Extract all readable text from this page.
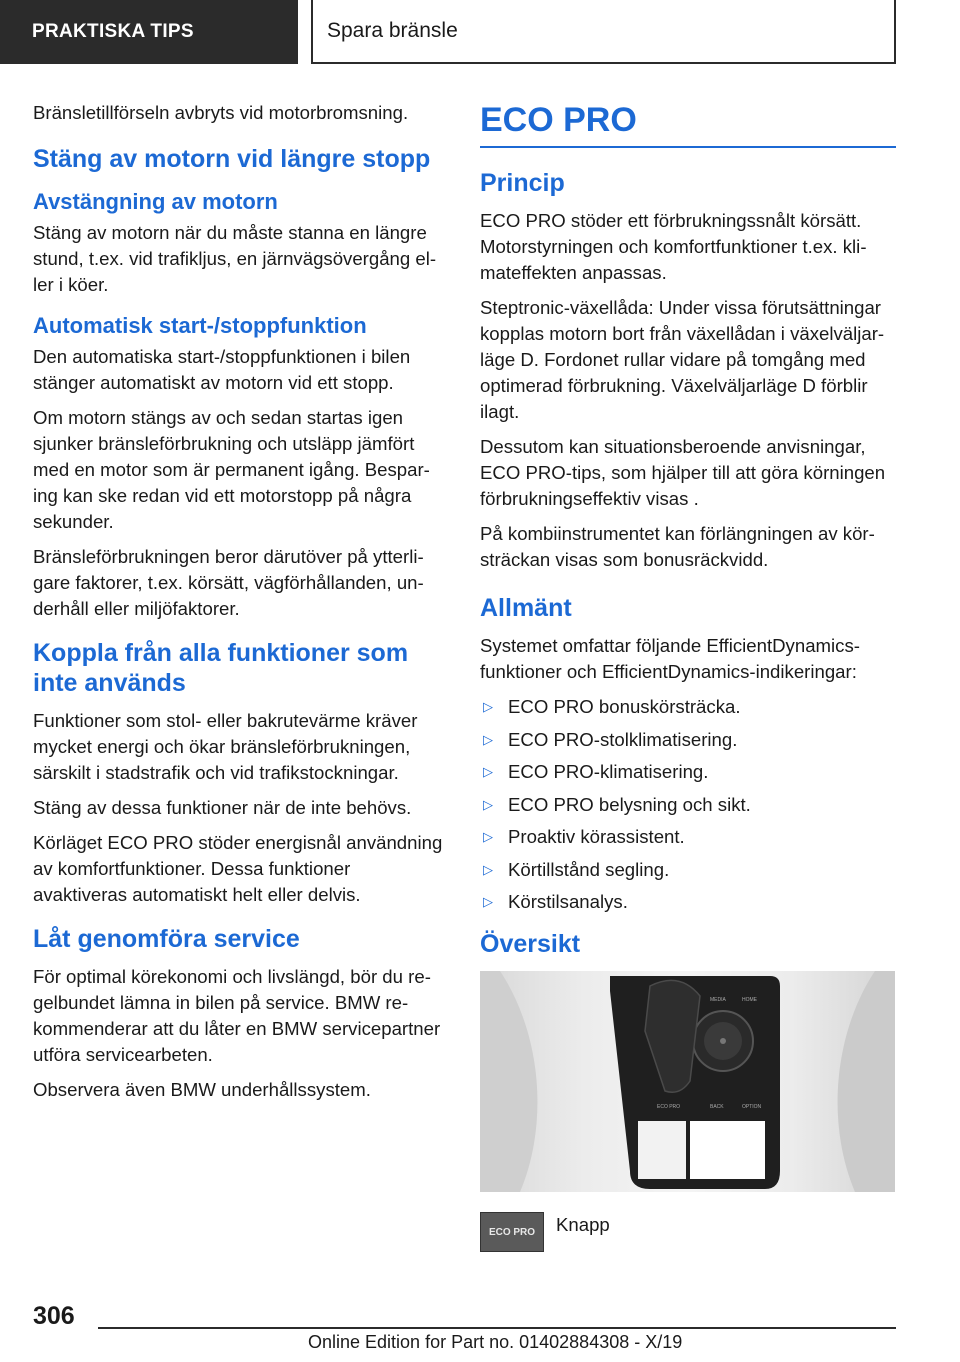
PRAKTISKA TIPS	Spara bränsle

Bränsletillförseln avbryts vid motorbromsning.

Stäng av motorn vid längre stopp
Avstängning av motorn

Stäng av motorn när du måste stanna en längre stund, t.ex. vid trafikljus, en järnvägsövergång eller i köer.

Automatisk start-/stoppfunktion

Den automatiska start-/stoppfunktionen i bilen stänger automatiskt av motorn vid ett stopp.

Om motorn stängs av och sedan startas igen sjunker bränsleförbrukning och utsläpp jämfört med en motor som är permanent igång. Besparing kan ske redan vid ett motorstopp på några sekunder.

Bränsleförbrukningen beror därutöver på ytterligare faktorer, t.ex. körsätt, vägförhållanden, underhåll eller miljöfaktorer.

Koppla från alla funktioner som inte används

Funktioner som stol- eller bakrutevärme kräver mycket energi och ökar bränsleförbrukningen, särskilt i stadstrafik och vid trafikstockningar.

Stäng av dessa funktioner när de inte behövs.

Körläget ECO PRO stöder energisnål användning av komfortfunktioner. Dessa funktioner avaktiveras automatiskt helt eller delvis.

Låt genomföra service

För optimal körekonomi och livslängd, bör du regelbundet lämna in bilen på service. BMW rekommenderar att du låter en BMW servicepartner utföra servicearbeten.

Observera även BMW underhållssystem.

ECO PRO
Princip

ECO PRO stöder ett förbrukningssnålt körsätt. Motorstyrningen och komfortfunktioner t.ex. klimateffekten anpassas.

Steptronic-växellåda: Under vissa förutsättningar kopplas motorn bort från växellådan i växelväljarläge D. Fordonet rullar vidare på tomgång med optimerad förbrukning. Växelväljarläge D förblir ilagt.

Dessutom kan situationsberoende anvisningar, ECO PRO-tips, som hjälper till att göra körningen förbrukningseffektiv visas .

På kombiinstrumentet kan förlängningen av körsträckan visas som bonusräckvidd.

Allmänt

Systemet omfattar följande EfficientDynamics-funktioner och EfficientDynamics-indikeringar:

▷ ECO PRO bonuskörsträcka.
▷ ECO PRO-stolklimatisering.
▷ ECO PRO-klimatisering.
▷ ECO PRO belysning och sikt.
▷ Proaktiv körassistent.
▷ Körtillstånd segling.
▷ Körstilsanalys.
Översikt
ECO PRO	BACK	OPTION
MEDIA	HOME
ECO PRO	Knapp
306
Online Edition for Part no. 01402884308 - X/19
